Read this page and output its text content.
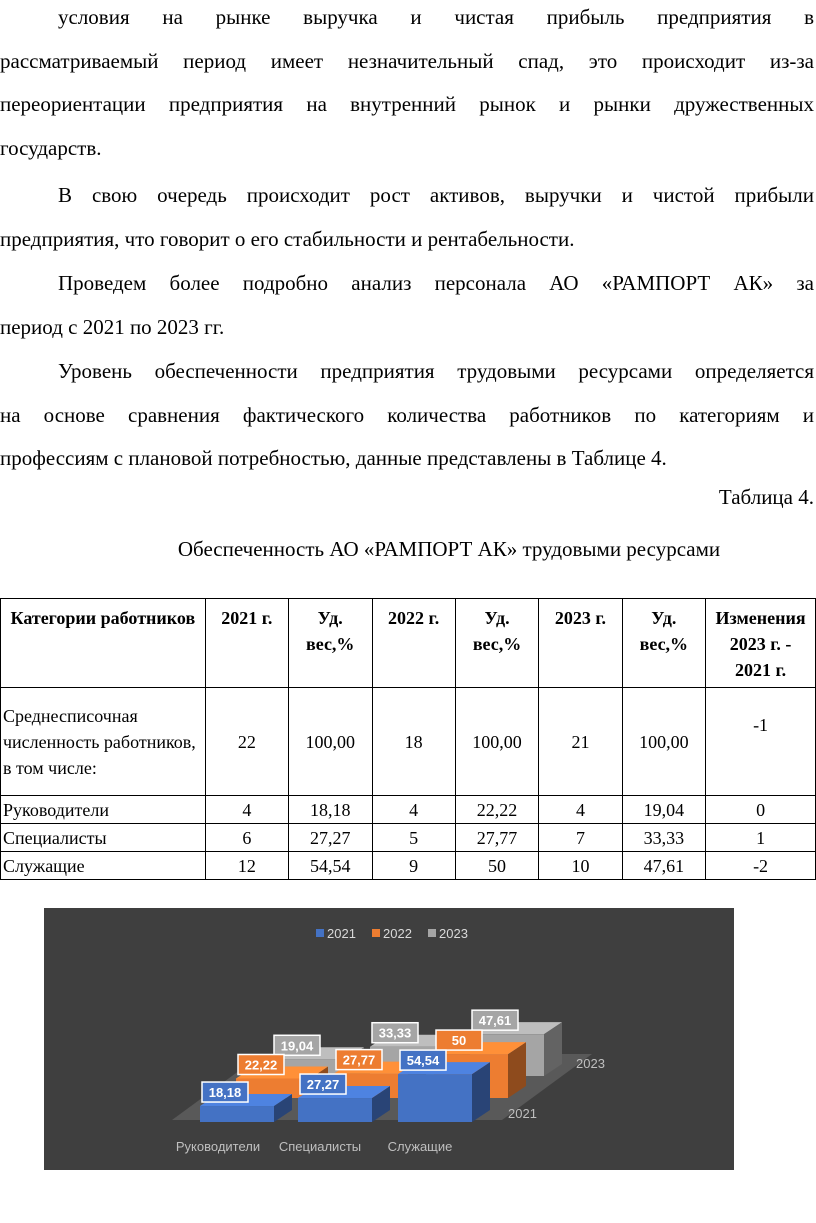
условия на рынке выручка и чистая прибыль предприятия в
рассматриваемый период имеет незначительный спад, это происходит из-за
переориентации предприятия на внутренний рынок и рынки дружественных
государств.
В свою очередь происходит рост активов, выручки и чистой прибыли
предприятия, что говорит о его стабильности и рентабельности.
Проведем более подробно анализ персонала АО «РАМПОРТ АК» за
период с 2021 по 2023 гг.
Уровень обеспеченности предприятия трудовыми ресурсами определяется
на основе сравнения фактического количества работников по категориям и
профессиям с плановой потребностью, данные представлены в Таблице 4.
Таблица 4.
Обеспеченность АО «РАМПОРТ АК» трудовыми ресурсами
Категории работников	2021 г.	Уд. вес,%	2022 г.	Уд. вес,%	2023 г.	Уд. вес,%	Изменения 2023 г. - 2021 г.
Среднесписочная численность работников, в том числе:	22	100,00	18	100,00	21	100,00	-1
Руководители	4	18,18	4	22,22	4	19,04	0
Специалисты	6	27,27	5	27,77	7	33,33	1
Служащие	12	54,54	9	50	10	47,61	-2
2021 2022 2023
2023
2021
Руководители Специалисты Служащие
19,04
33,33
47,61
22,22	27,77
50
18,18
27,27
54,54
